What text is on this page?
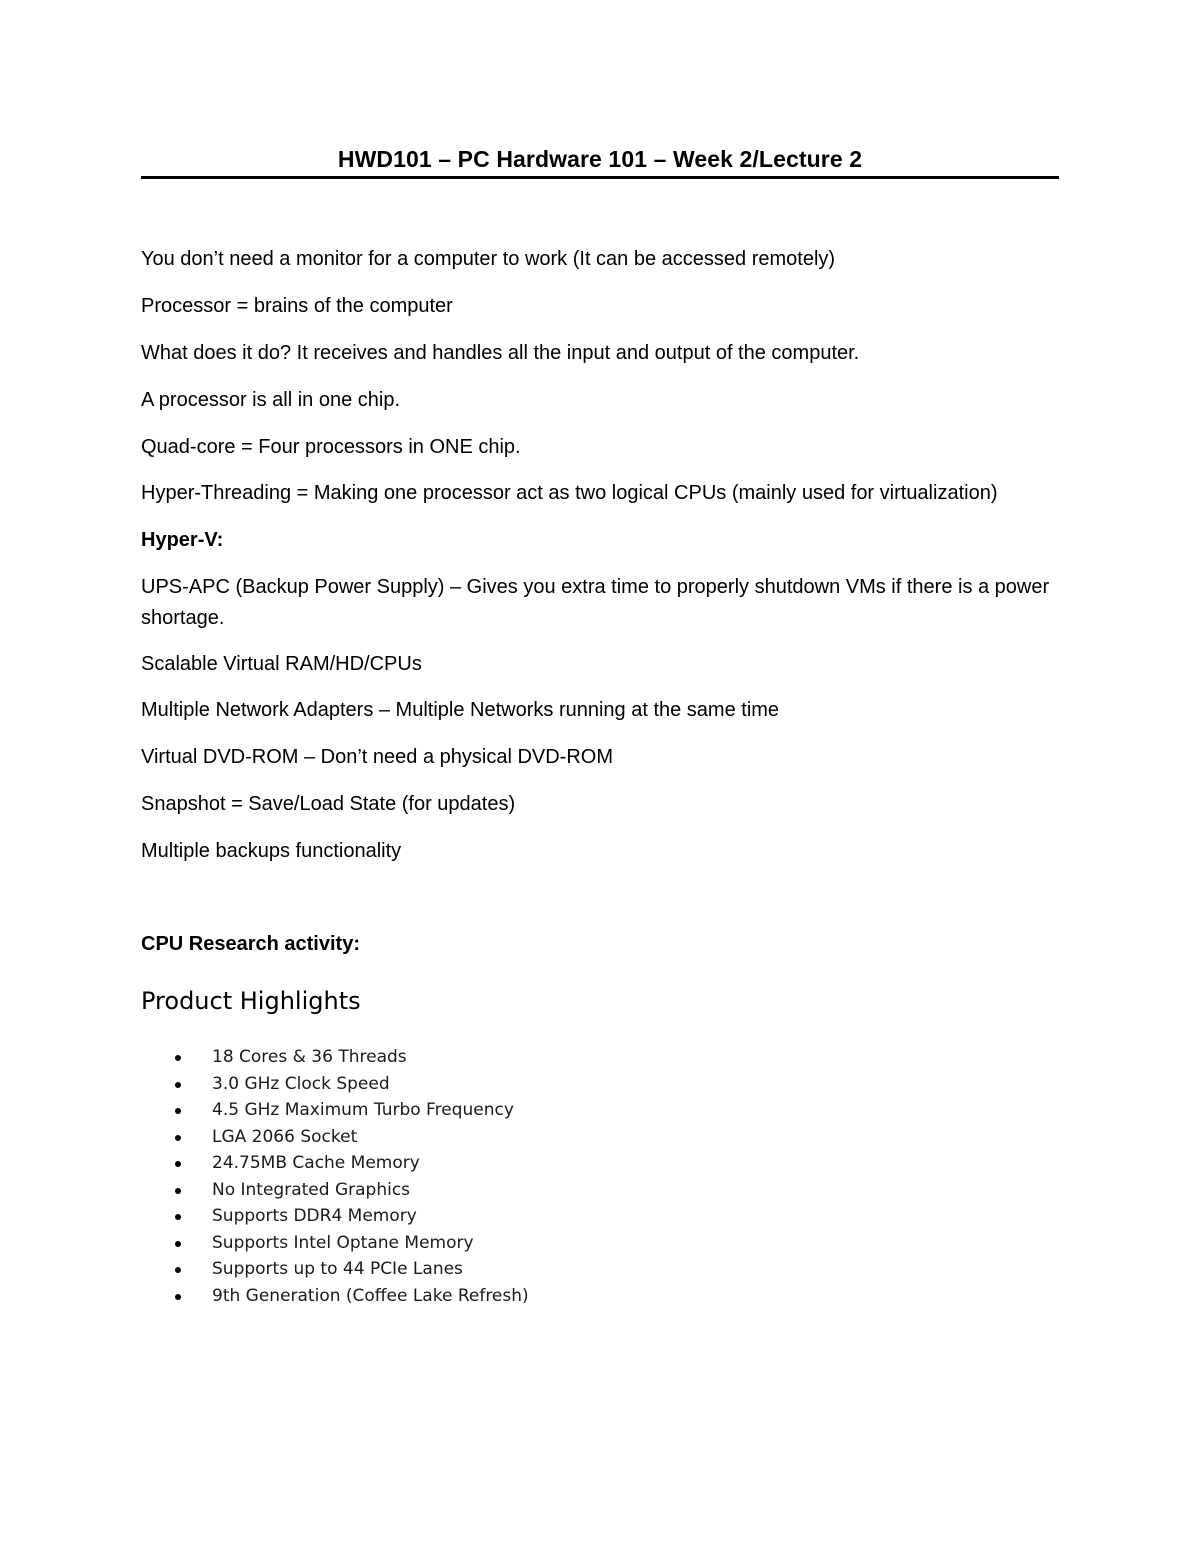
HWD101 – PC Hardware 101 – Week 2/Lecture 2
You don’t need a monitor for a computer to work (It can be accessed remotely)
Processor = brains of the computer
What does it do? It receives and handles all the input and output of the computer.
A processor is all in one chip.
Quad-core = Four processors in ONE chip.
Hyper-Threading = Making one processor act as two logical CPUs (mainly used for virtualization)
Hyper-V:
UPS-APC (Backup Power Supply) – Gives you extra time to properly shutdown VMs if there is a power shortage.
Scalable Virtual RAM/HD/CPUs
Multiple Network Adapters – Multiple Networks running at the same time
Virtual DVD-ROM – Don’t need a physical DVD-ROM
Snapshot = Save/Load State (for updates)
Multiple backups functionality
CPU Research activity:
Product Highlights
18 Cores & 36 Threads
3.0 GHz Clock Speed
4.5 GHz Maximum Turbo Frequency
LGA 2066 Socket
24.75MB Cache Memory
No Integrated Graphics
Supports DDR4 Memory
Supports Intel Optane Memory
Supports up to 44 PCIe Lanes
9th Generation (Coffee Lake Refresh)
